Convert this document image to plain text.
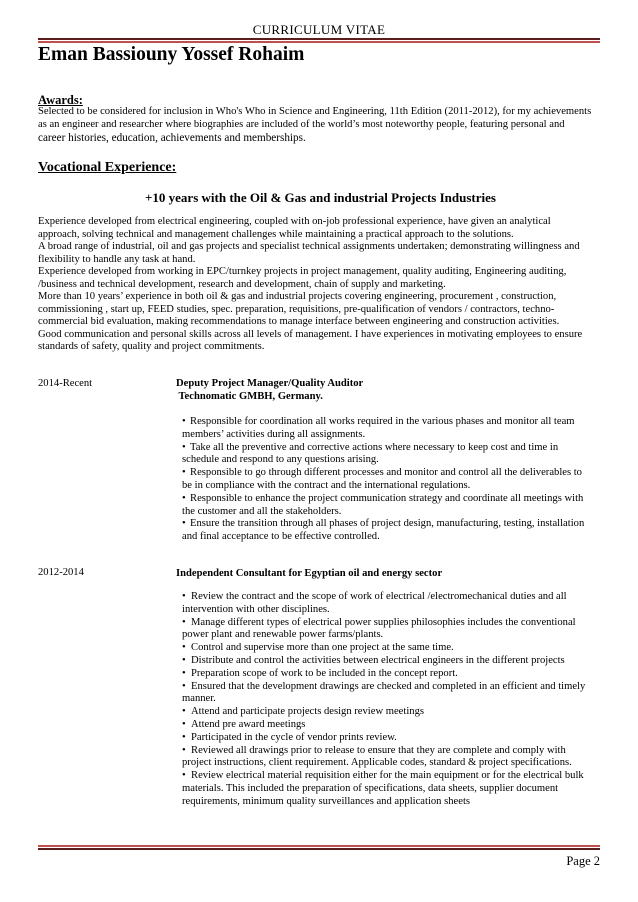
CURRICULUM VITAE
Eman Bassiouny Yossef Rohaim
Awards:
Selected to be considered for inclusion in Who's Who in Science and Engineering, 11th Edition (2011-2012), for my achievements
as an engineer and researcher where biographies are included of the world’s most noteworthy people, featuring personal and
career histories, education, achievements and memberships.
Vocational Experience:
+10 years with the Oil & Gas and industrial Projects Industries
Experience developed from electrical engineering, coupled with on-job professional experience, have given an analytical
approach, solving technical and management challenges while maintaining a practical approach to the solutions.
A broad range of industrial, oil and gas projects and specialist technical assignments undertaken; demonstrating willingness and
flexibility to handle any task at hand.
Experience developed from working in EPC/turnkey projects in project management, quality auditing, Engineering auditing,
/business and technical development, research and development, chain of supply and marketing.
More than 10 years’ experience in both oil & gas and industrial projects covering engineering, procurement , construction,
commissioning , start up, FEED studies, spec. preparation, requisitions, pre-qualification of vendors / contractors, techno-
commercial bid evaluation, making recommendations to manage interface between engineering and construction activities.
Good communication and personal skills across all levels of management. I have experiences in motivating employees to ensure
standards of safety, quality and project commitments.
2014-Recent	Deputy Project Manager/Quality Auditor
Technomatic GMBH, Germany.
• Responsible for coordination all works required in the various phases and monitor all team
members’ activities during all assignments.
• Take all the preventive and corrective actions where necessary to keep cost and time in
schedule and respond to any questions arising.
• Responsible to go through different processes and monitor and control all the deliverables to
be in compliance with the contract and the international regulations.
• Responsible to enhance the project communication strategy and coordinate all meetings with
the customer and all the stakeholders.
• Ensure the transition through all phases of project design, manufacturing, testing, installation
and final acceptance to be effective controlled.
2012-2014	Independent Consultant for Egyptian oil and energy sector
• Review the contract and the scope of work of electrical /electromechanical duties and all
intervention with other disciplines.
• Manage different types of electrical power supplies philosophies includes the conventional
power plant and renewable power farms/plants.
• Control and supervise more than one project at the same time.
• Distribute and control the activities between electrical engineers in the different projects
• Preparation scope of work to be included in the concept report.
• Ensured that the development drawings are checked and completed in an efficient and timely
manner.
• Attend and participate projects design review meetings
• Attend pre award meetings
• Participated in the cycle of vendor prints review.
• Reviewed all drawings prior to release to ensure that they are complete and comply with
project instructions, client requirement. Applicable codes, standard & project specifications.
• Review electrical material requisition either for the main equipment or for the electrical bulk
materials. This included the preparation of specifications, data sheets, supplier document
requirements, minimum quality surveillances and application sheets
Page 2
